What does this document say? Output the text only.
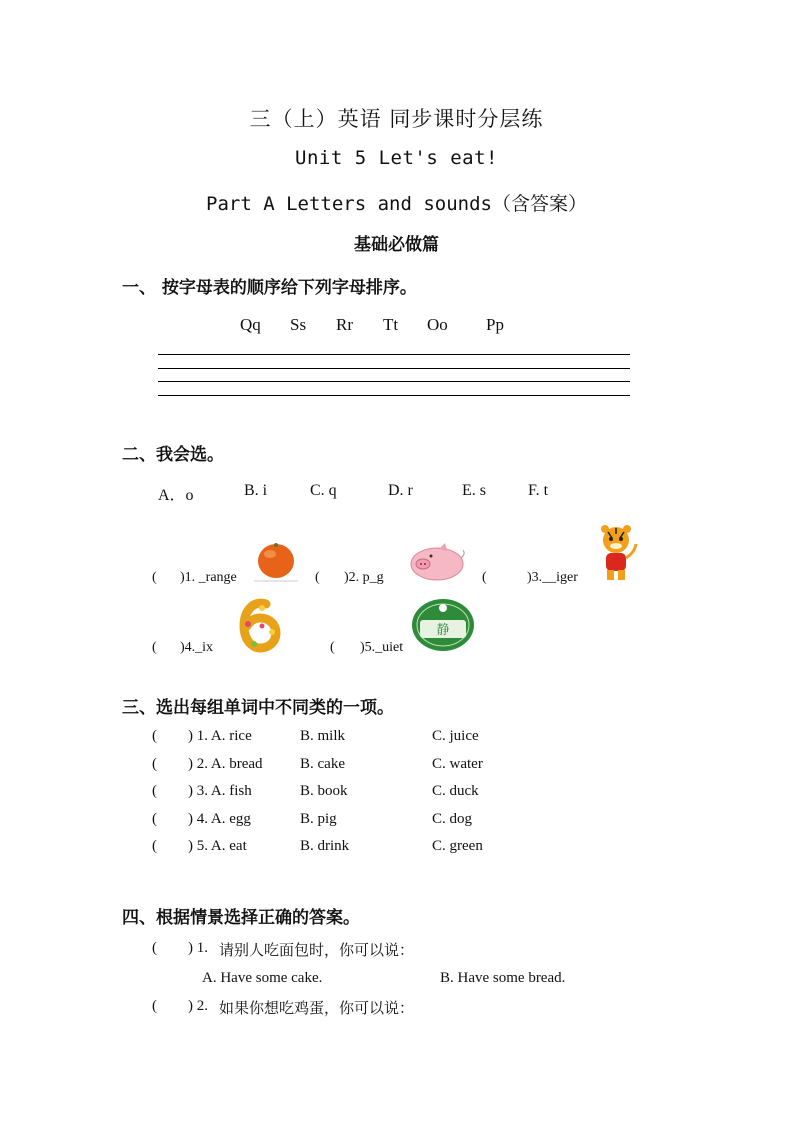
三（上）英语 同步课时分层练
Unit 5 Let's eat!
Part A Letters and sounds（含答案）
基础必做篇
一、 按字母表的顺序给下列字母排序。
Qq Ss Rr Tt Oo Pp
二、我会选。
A．o	B. i	C. q	D. r	E. s	F. t
( )1. _range	( )2. p_g	(	)3.__iger
( )4._ix	( )5._uiet
静
三、选出每组单词中不同类的一项。
( ) 1. A. rice	B. milk	C. juice
( ) 2. A. bread B. cake	C. water
( ) 3. A. fish	B. book	C. duck
( ) 4. A. egg	B. pig	C. dog
( ) 5. A. eat	B. drink	C. green
四、根据情景选择正确的答案。
( ) 1. 请别人吃面包时，你可以说：
A. Have some cake.	B. Have some bread.
( ) 2. 如果你想吃鸡蛋，你可以说：
